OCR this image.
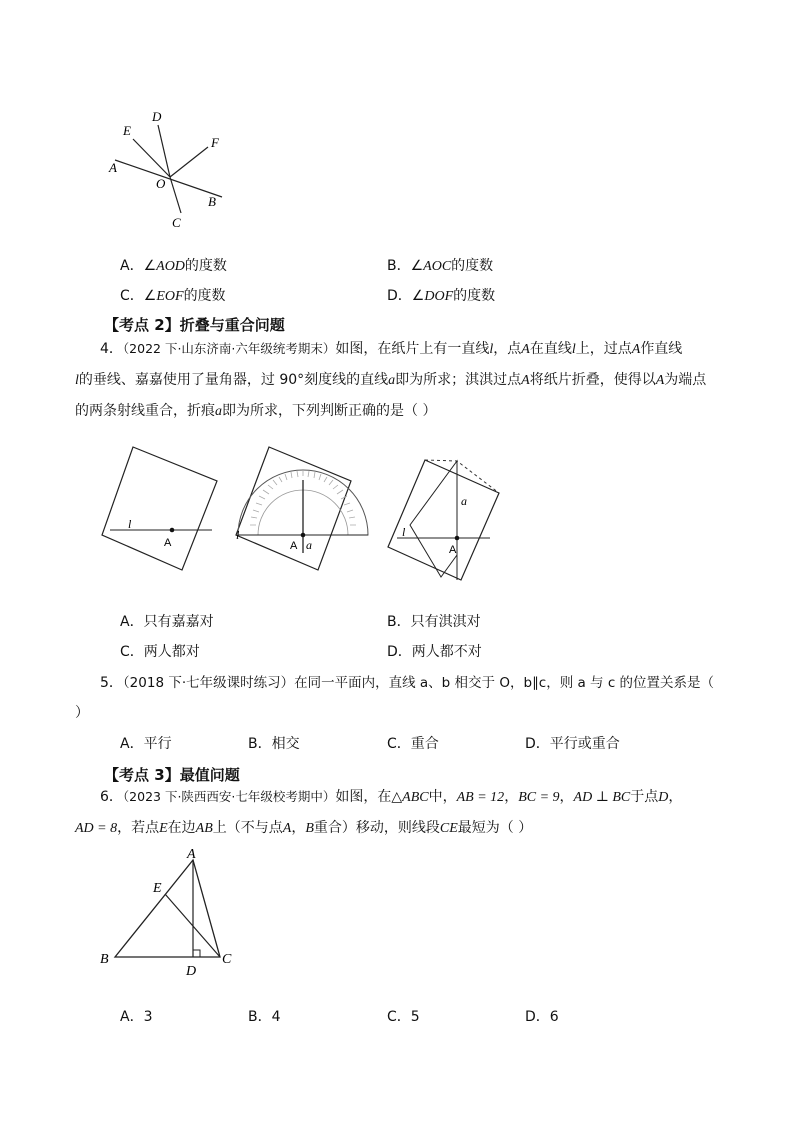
D
E
F
A
O
B
C
A．∠AOD的度数	B．∠AOC的度数
C．∠EOF的度数	D．∠DOF的度数
【考点 2】折叠与重合问题
4．（2022 下·山东济南·六年级统考期末）如图，在纸片上有一直线l，点A在直线l上，过点A作直线
l的垂线、嘉嘉使用了量角器，过 90°刻度线的直线a即为所求；淇淇过点A将纸片折叠，使得以A为端点
的两条射线重合，折痕a即为所求，下列判断正确的是（ ）
l
A
l
A a
l
a
A
A．只有嘉嘉对	B．只有淇淇对
C．两人都对	D．两人都不对
5．（2018 下·七年级课时练习）在同一平面内，直线 a、b 相交于 O，b∥c，则 a 与 c 的位置关系是（
）
A．平行	B．相交	C．重合	D．平行或重合
【考点 3】最值问题
6．（2023 下·陕西西安·七年级校考期中）如图，在△ABC中，AB = 12，BC = 9，AD ⊥ BC于点D，
AD = 8，若点E在边AB上（不与点A，B重合）移动，则线段CE最短为（ ）
A
E
B
D
C
A．3	B．4	C．5	D．6
